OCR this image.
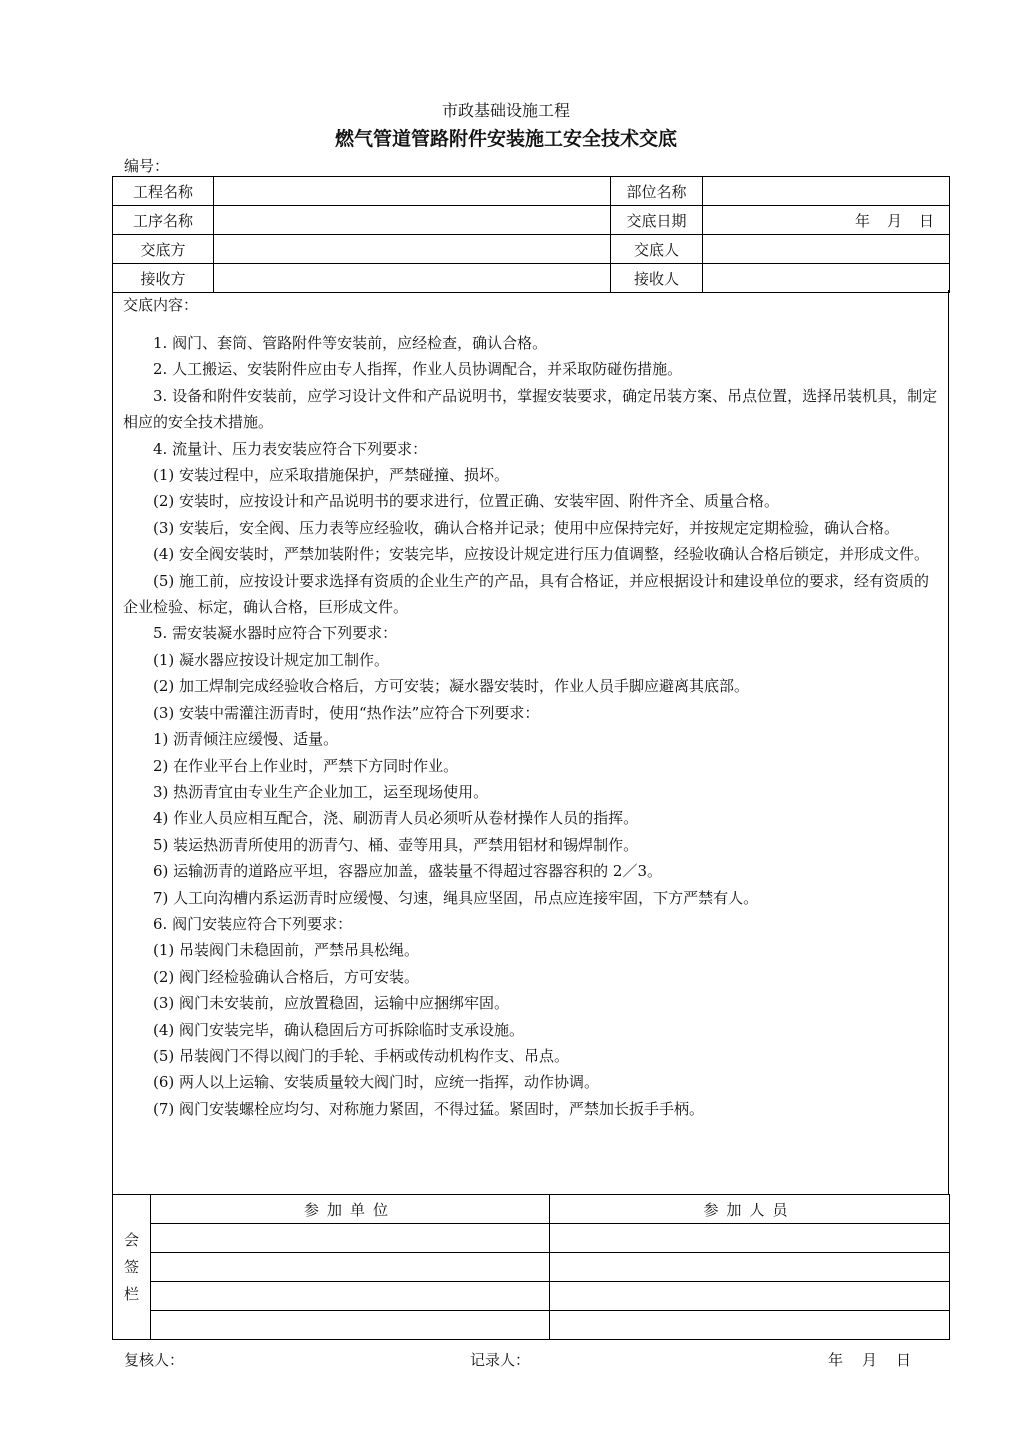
市政基础设施工程
燃气管道管路附件安装施工安全技术交底
编号：
工程名称		部位名称	
工序名称		交底日期	年　月　日
交底方		交底人	
接收方		接收人	
交底内容：

1. 阀门、套筒、管路附件等安装前，应经检查，确认合格。

2. 人工搬运、安装附件应由专人指挥，作业人员协调配合，并采取防碰伤措施。

3. 设备和附件安装前，应学习设计文件和产品说明书，掌握安装要求，确定吊装方案、吊点位置，选择吊装机具，制定相应的安全技术措施。

4. 流量计、压力表安装应符合下列要求：

(1) 安装过程中，应采取措施保护，严禁碰撞、损坏。

(2) 安装时，应按设计和产品说明书的要求进行，位置正确、安装牢固、附件齐全、质量合格。

(3) 安装后，安全阀、压力表等应经验收，确认合格并记录；使用中应保持完好，并按规定定期检验，确认合格。

(4) 安全阀安装时，严禁加装附件；安装完毕，应按设计规定进行压力值调整，经验收确认合格后锁定，并形成文件。

(5) 施工前，应按设计要求选择有资质的企业生产的产品，具有合格证，并应根据设计和建设单位的要求，经有资质的企业检验、标定，确认合格，巨形成文件。

5. 需安装凝水器时应符合下列要求：

(1) 凝水器应按设计规定加工制作。

(2) 加工焊制完成经验收合格后，方可安装；凝水器安装时，作业人员手脚应避离其底部。

(3) 安装中需灌注沥青时，使用“热作法”应符合下列要求：

1) 沥青倾注应缓慢、适量。

2) 在作业平台上作业时，严禁下方同时作业。

3) 热沥青宜由专业生产企业加工，运至现场使用。

4) 作业人员应相互配合，浇、刷沥青人员必须听从卷材操作人员的指挥。

5) 装运热沥青所使用的沥青勺、桶、壶等用具，严禁用铝材和锡焊制作。

6) 运输沥青的道路应平坦，容器应加盖，盛装量不得超过容器容积的 2／3。

7) 人工向沟槽内系运沥青时应缓慢、匀速，绳具应坚固，吊点应连接牢固，下方严禁有人。

6. 阀门安装应符合下列要求：

(1) 吊装阀门未稳固前，严禁吊具松绳。

(2) 阀门经检验确认合格后，方可安装。

(3) 阀门未安装前，应放置稳固，运输中应捆绑牢固。

(4) 阀门安装完毕，确认稳固后方可拆除临时支承设施。

(5) 吊装阀门不得以阀门的手轮、手柄或传动机构作支、吊点。

(6) 两人以上运输、安装质量较大阀门时，应统一指挥，动作协调。

(7) 阀门安装螺栓应均匀、对称施力紧固，不得过猛。紧固时，严禁加长扳手手柄。

会
签
栏	参加单位	参加人员

复核人：	记录人：	年　月　日
